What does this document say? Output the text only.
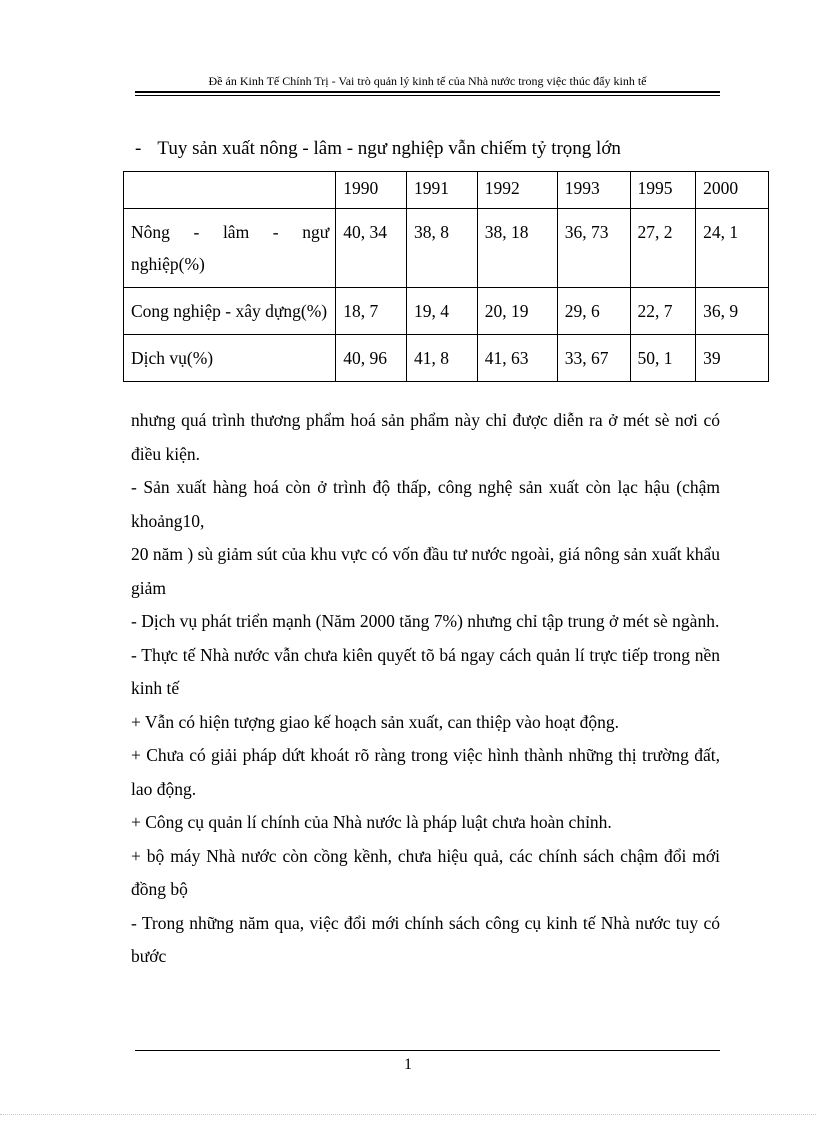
Đề án Kinh Tế Chính Trị - Vai trò quản lý kinh tế của Nhà nước trong việc thúc đẩy kinh tế
- Tuy sản xuất nông - lâm - ngư nghiệp vẫn chiếm tỷ trọng lớn
	1990	1991	1992	1993	1995	2000
Nông - lâm - ngư nghiệp(%)	40, 34	38, 8	38, 18	36, 73	27, 2	24, 1
Cong nghiệp - xây dựng(%)	18, 7	19, 4	20, 19	29, 6	22, 7	36, 9
Dịch vụ(%)	40, 96	41, 8	41, 63	33, 67	50, 1	39

nhưng quá trình thương phẩm hoá sản phẩm này chỉ được diễn ra ở mét sè nơi có điều kiện.

- Sản xuất hàng hoá còn ở trình độ thấp, công nghệ sản xuất còn lạc hậu (chậm khoảng10,

20 năm ) sù giảm sút của khu vực có vốn đầu tư nước ngoài, giá nông sản xuất khẩu giảm

- Dịch vụ phát triển mạnh (Năm 2000 tăng 7%) nhưng chỉ tập trung ở mét sè ngành.

- Thực tế Nhà nước vẫn chưa kiên quyết tõ bá ngay cách quản lí trực tiếp trong nền kinh tế

+ Vẫn có hiện tượng giao kế hoạch sản xuất, can thiệp vào hoạt động.

+ Chưa có giải pháp dứt khoát rõ ràng trong việc hình thành những thị trường đất, lao động.

+ Công cụ quản lí chính của Nhà nước là pháp luật chưa hoàn chỉnh.

+ bộ máy Nhà nước còn cồng kềnh, chưa hiệu quả, các chính sách chậm đổi mới đồng bộ

- Trong những năm qua, việc đổi mới chính sách công cụ kinh tế Nhà nước tuy có bước

1
